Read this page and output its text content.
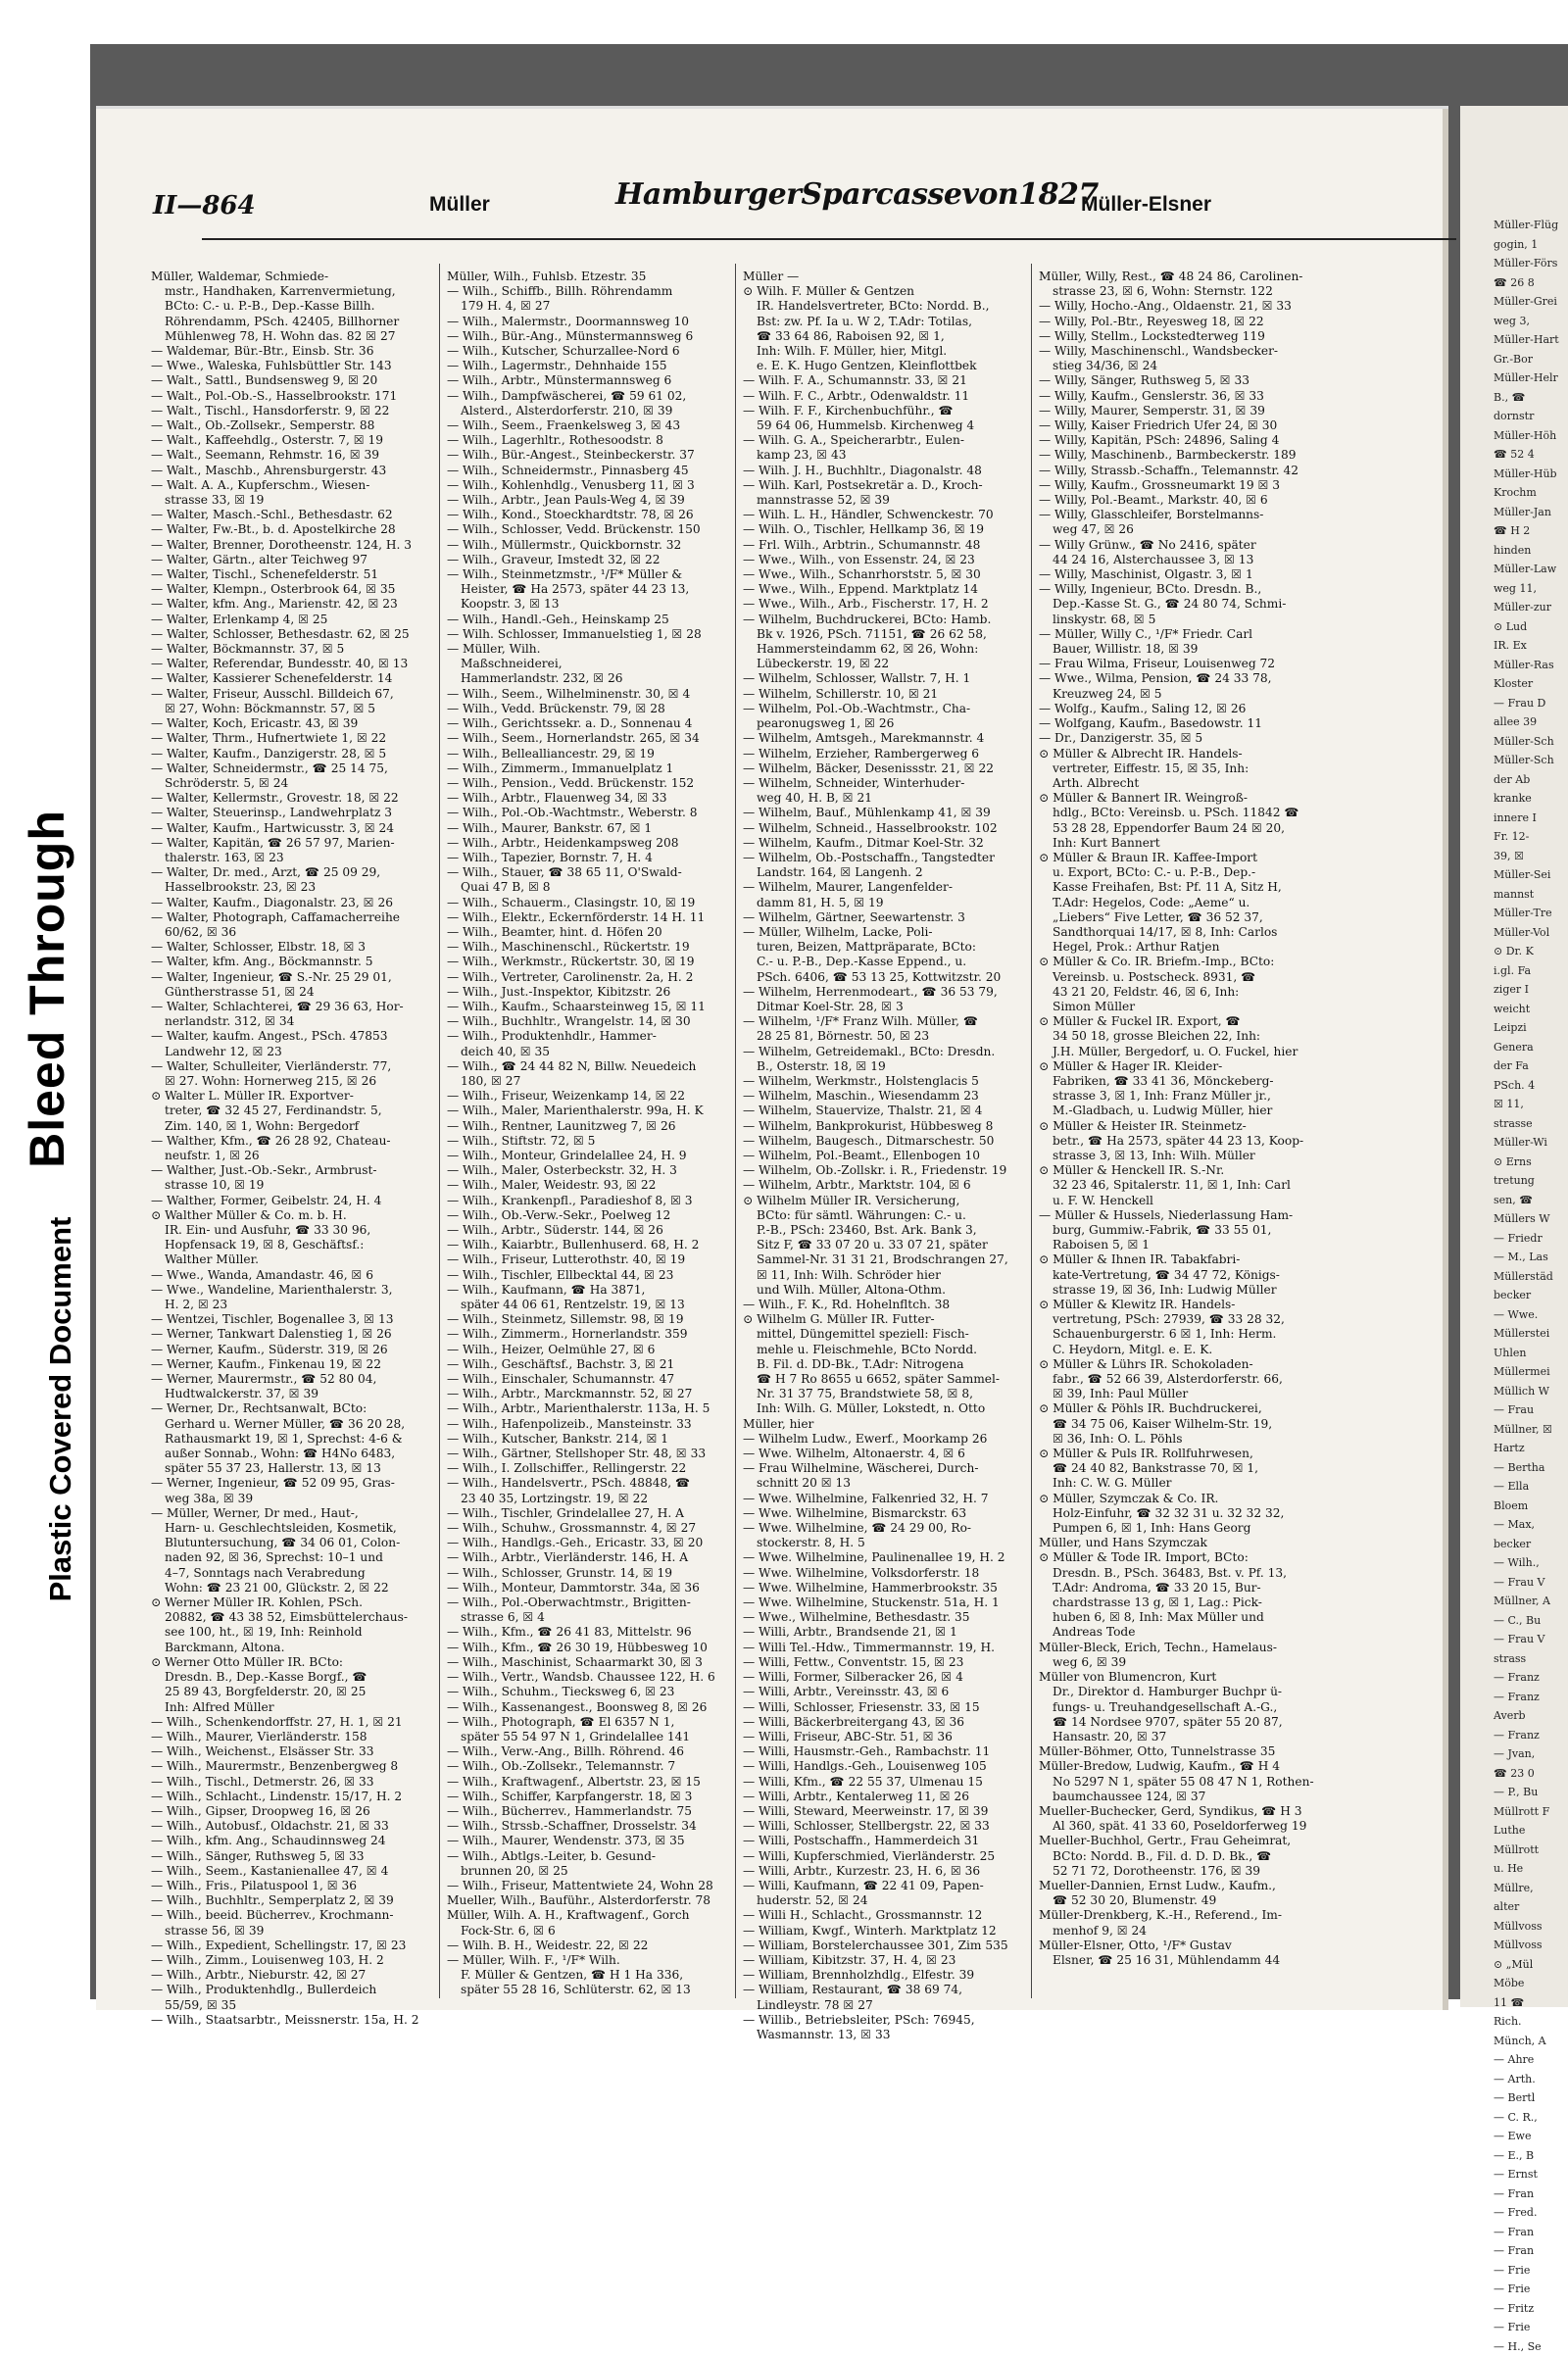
Bleed Through
Plastic Covered Document
II—864	Müller	HamburgerSparcassevon1827
Müller-Elsner
Müller, Waldemar, Schmiede-
mstr., Handhaken, Karrenvermietung,
BCto: C.- u. P.-B., Dep.-Kasse Billh.
Röhrendamm, PSch. 42405, Billhorner
Mühlenweg 78, H. Wohn das. 82 ☒ 27
— Waldemar, Bür.-Btr., Einsb. Str. 36
— Wwe., Waleska, Fuhlsbüttler Str. 143
— Walt., Sattl., Bundsensweg 9, ☒ 20
— Walt., Pol.-Ob.-S., Hasselbrookstr. 171
— Walt., Tischl., Hansdorferstr. 9, ☒ 22
— Walt., Ob.-Zollsekr., Semperstr. 88
— Walt., Kaffeehdlg., Osterstr. 7, ☒ 19
— Walt., Seemann, Rehmstr. 16, ☒ 39
— Walt., Maschb., Ahrensburgerstr. 43
— Walt. A. A., Kupferschm., Wiesen-
strasse 33, ☒ 19
— Walter, Masch.-Schl., Bethesdastr. 62
— Walter, Fw.-Bt., b. d. Apostelkirche 28
— Walter, Brenner, Dorotheenstr. 124, H. 3
— Walter, Gärtn., alter Teichweg 97
— Walter, Tischl., Schenefelderstr. 51
— Walter, Klempn., Osterbrook 64, ☒ 35
— Walter, kfm. Ang., Marienstr. 42, ☒ 23
— Walter, Erlenkamp 4, ☒ 25
— Walter, Schlosser, Bethesdastr. 62, ☒ 25
— Walter, Böckmannstr. 37, ☒ 5
— Walter, Referendar, Bundesstr. 40, ☒ 13
— Walter, Kassierer Schenefelderstr. 14
— Walter, Friseur, Ausschl. Billdeich 67,
☒ 27, Wohn: Böckmannstr. 57, ☒ 5
— Walter, Koch, Ericastr. 43, ☒ 39
— Walter, Thrm., Hufnertwiete 1, ☒ 22
— Walter, Kaufm., Danzigerstr. 28, ☒ 5
— Walter, Schneidermstr., ☎ 25 14 75,
Schröderstr. 5, ☒ 24
— Walter, Kellermstr., Grovestr. 18, ☒ 22
— Walter, Steuerinsp., Landwehrplatz 3
— Walter, Kaufm., Hartwicusstr. 3, ☒ 24
— Walter, Kapitän, ☎ 26 57 97, Marien-
thalerstr. 163, ☒ 23
— Walter, Dr. med., Arzt, ☎ 25 09 29,
Hasselbrookstr. 23, ☒ 23
— Walter, Kaufm., Diagonalstr. 23, ☒ 26
— Walter, Photograph, Caffamacherreihe
60/62, ☒ 36
— Walter, Schlosser, Elbstr. 18, ☒ 3
— Walter, kfm. Ang., Böckmannstr. 5
— Walter, Ingenieur, ☎ S.-Nr. 25 29 01,
Güntherstrasse 51, ☒ 24
— Walter, Schlachterei, ☎ 29 36 63, Hor-
nerlandstr. 312, ☒ 34
— Walter, kaufm. Angest., PSch. 47853
Landwehr 12, ☒ 23
— Walter, Schulleiter, Vierländerstr. 77,
☒ 27. Wohn: Hornerweg 215, ☒ 26
⊙ Walter L. Müller IR. Exportver-
treter, ☎ 32 45 27, Ferdinandstr. 5,
Zim. 140, ☒ 1, Wohn: Bergedorf
— Walther, Kfm., ☎ 26 28 92, Chateau-
neufstr. 1, ☒ 26
— Walther, Just.-Ob.-Sekr., Armbrust-
strasse 10, ☒ 19
— Walther, Former, Geibelstr. 24, H. 4
⊙ Walther Müller & Co. m. b. H.
IR. Ein- und Ausfuhr, ☎ 33 30 96,
Hopfensack 19, ☒ 8, Geschäftsf.:
Walther Müller.
— Wwe., Wanda, Amandastr. 46, ☒ 6
— Wwe., Wandeline, Marienthalerstr. 3,
H. 2, ☒ 23
— Wentzei, Tischler, Bogenallee 3, ☒ 13
— Werner, Tankwart Dalenstieg 1, ☒ 26
— Werner, Kaufm., Süderstr. 319, ☒ 26
— Werner, Kaufm., Finkenau 19, ☒ 22
— Werner, Maurermstr., ☎ 52 80 04,
Hudtwalckerstr. 37, ☒ 39
— Werner, Dr., Rechtsanwalt, BCto:
Gerhard u. Werner Müller, ☎ 36 20 28,
Rathausmarkt 19, ☒ 1, Sprechst: 4-6 &
außer Sonnab., Wohn: ☎ H4No 6483,
später 55 37 23, Hallerstr. 13, ☒ 13
— Werner, Ingenieur, ☎ 52 09 95, Gras-
weg 38a, ☒ 39
— Müller, Werner, Dr med., Haut-,
Harn- u. Geschlechtsleiden, Kosmetik,
Blutuntersuchung, ☎ 34 06 01, Colon-
naden 92, ☒ 36, Sprechst: 10–1 und
4–7, Sonntags nach Verabredung
Wohn: ☎ 23 21 00, Glückstr. 2, ☒ 22
⊙ Werner Müller IR. Kohlen, PSch.
20882, ☎ 43 38 52, Eimsbüttelerchaus-
see 100, ht., ☒ 19, Inh: Reinhold
Barckmann, Altona.
⊙ Werner Otto Müller IR. BCto:
Dresdn. B., Dep.-Kasse Borgf., ☎
25 89 43, Borgfelderstr. 20, ☒ 25
Inh: Alfred Müller
— Wilh., Schenkendorffstr. 27, H. 1, ☒ 21
— Wilh., Maurer, Vierländerstr. 158
— Wilh., Weichenst., Elsässer Str. 33
— Wilh., Maurermstr., Benzenbergweg 8
— Wilh., Tischl., Detmerstr. 26, ☒ 33
— Wilh., Schlacht., Lindenstr. 15/17, H. 2
— Wilh., Gipser, Droopweg 16, ☒ 26
— Wilh., Autobusf., Oldachstr. 21, ☒ 33
— Wilh., kfm. Ang., Schaudinnsweg 24
— Wilh., Sänger, Ruthsweg 5, ☒ 33
— Wilh., Seem., Kastanienallee 47, ☒ 4
— Wilh., Fris., Pilatuspool 1, ☒ 36
— Wilh., Buchhltr., Semperplatz 2, ☒ 39
— Wilh., beeid. Bücherrev., Krochmann-
strasse 56, ☒ 39
— Wilh., Expedient, Schellingstr. 17, ☒ 23
— Wilh., Zimm., Louisenweg 103, H. 2
— Wilh., Arbtr., Nieburstr. 42, ☒ 27
— Wilh., Produktenhdlg., Bullerdeich
55/59, ☒ 35
— Wilh., Staatsarbtr., Meissnerstr. 15a, H. 2
Müller, Wilh., Fuhlsb. Etzestr. 35
— Wilh., Schiffb., Billh. Röhrendamm
179 H. 4, ☒ 27
— Wilh., Malermstr., Doormannsweg 10
— Wilh., Bür.-Ang., Münstermannsweg 6
— Wilh., Kutscher, Schurzallee-Nord 6
— Wilh., Lagermstr., Dehnhaide 155
— Wilh., Arbtr., Münstermannsweg 6
— Wilh., Dampfwäscherei, ☎ 59 61 02,
Alsterd., Alsterdorferstr. 210, ☒ 39
— Wilh., Seem., Fraenkelsweg 3, ☒ 43
— Wilh., Lagerhltr., Rothesoodstr. 8
— Wilh., Bür.-Angest., Steinbeckerstr. 37
— Wilh., Schneidermstr., Pinnasberg 45
— Wilh., Kohlenhdlg., Venusberg 11, ☒ 3
— Wilh., Arbtr., Jean Pauls-Weg 4, ☒ 39
— Wilh., Kond., Stoeckhardtstr. 78, ☒ 26
— Wilh., Schlosser, Vedd. Brückenstr. 150
— Wilh., Müllermstr., Quickbornstr. 32
— Wilh., Graveur, Imstedt 32, ☒ 22
— Wilh., Steinmetzmstr., ¹/F* Müller &
Heister, ☎ Ha 2573, später 44 23 13,
Koopstr. 3, ☒ 13
— Wilh., Handl.-Geh., Heinskamp 25
— Wilh. Schlosser, Immanuelstieg 1, ☒ 28
— Müller, Wilh.
Maßschneiderei,
Hammerlandstr. 232, ☒ 26
— Wilh., Seem., Wilhelminenstr. 30, ☒ 4
— Wilh., Vedd. Brückenstr. 79, ☒ 28
— Wilh., Gerichtssekr. a. D., Sonnenau 4
— Wilh., Seem., Hornerlandstr. 265, ☒ 34
— Wilh., Bellealliancestr. 29, ☒ 19
— Wilh., Zimmerm., Immanuelplatz 1
— Wilh., Pension., Vedd. Brückenstr. 152
— Wilh., Arbtr., Flauenweg 34, ☒ 33
— Wilh., Pol.-Ob.-Wachtmstr., Weberstr. 8
— Wilh., Maurer, Bankstr. 67, ☒ 1
— Wilh., Arbtr., Heidenkampsweg 208
— Wilh., Tapezier, Bornstr. 7, H. 4
— Wilh., Stauer, ☎ 38 65 11, O'Swald-
Quai 47 B, ☒ 8
— Wilh., Schauerm., Clasingstr. 10, ☒ 19
— Wilh., Elektr., Eckernförderstr. 14 H. 11
— Wilh., Beamter, hint. d. Höfen 20
— Wilh., Maschinenschl., Rückertstr. 19
— Wilh., Werkmstr., Rückertstr. 30, ☒ 19
— Wilh., Vertreter, Carolinenstr. 2a, H. 2
— Wilh., Just.-Inspektor, Kibitzstr. 26
— Wilh., Kaufm., Schaarsteinweg 15, ☒ 11
— Wilh., Buchhltr., Wrangelstr. 14, ☒ 30
— Wilh., Produktenhdlr., Hammer-
deich 40, ☒ 35
— Wilh., ☎ 24 44 82 N, Billw. Neuedeich
180, ☒ 27
— Wilh., Friseur, Weizenkamp 14, ☒ 22
— Wilh., Maler, Marienthalerstr. 99a, H. K
— Wilh., Rentner, Launitzweg 7, ☒ 26
— Wilh., Stiftstr. 72, ☒ 5
— Wilh., Monteur, Grindelallee 24, H. 9
— Wilh., Maler, Osterbeckstr. 32, H. 3
— Wilh., Maler, Weidestr. 93, ☒ 22
— Wilh., Krankenpfl., Paradieshof 8, ☒ 3
— Wilh., Ob.-Verw.-Sekr., Poelweg 12
— Wilh., Arbtr., Süderstr. 144, ☒ 26
— Wilh., Kaiarbtr., Bullenhuserd. 68, H. 2
— Wilh., Friseur, Lutterothstr. 40, ☒ 19
— Wilh., Tischler, Ellbecktal 44, ☒ 23
— Wilh., Kaufmann, ☎ Ha 3871,
später 44 06 61, Rentzelstr. 19, ☒ 13
— Wilh., Steinmetz, Sillemstr. 98, ☒ 19
— Wilh., Zimmerm., Hornerlandstr. 359
— Wilh., Heizer, Oelmühle 27, ☒ 6
— Wilh., Geschäftsf., Bachstr. 3, ☒ 21
— Wilh., Einschaler, Schumannstr. 47
— Wilh., Arbtr., Marckmannstr. 52, ☒ 27
— Wilh., Arbtr., Marienthalerstr. 113a, H. 5
— Wilh., Hafenpolizeib., Mansteinstr. 33
— Wilh., Kutscher, Bankstr. 214, ☒ 1
— Wilh., Gärtner, Stellshoper Str. 48, ☒ 33
— Wilh., I. Zollschiffer., Rellingerstr. 22
— Wilh., Handelsvertr., PSch. 48848, ☎
23 40 35, Lortzingstr. 19, ☒ 22
— Wilh., Tischler, Grindelallee 27, H. A
— Wilh., Schuhw., Grossmannstr. 4, ☒ 27
— Wilh., Handlgs.-Geh., Ericastr. 33, ☒ 20
— Wilh., Arbtr., Vierländerstr. 146, H. A
— Wilh., Schlosser, Grunstr. 14, ☒ 19
— Wilh., Monteur, Dammtorstr. 34a, ☒ 36
— Wilh., Pol.-Oberwachtmstr., Brigitten-
strasse 6, ☒ 4
— Wilh., Kfm., ☎ 26 41 83, Mittelstr. 96
— Wilh., Kfm., ☎ 26 30 19, Hübbesweg 10
— Wilh., Maschinist, Schaarmarkt 30, ☒ 3
— Wilh., Vertr., Wandsb. Chaussee 122, H. 6
— Wilh., Schuhm., Tiecksweg 6, ☒ 23
— Wilh., Kassenangest., Boonsweg 8, ☒ 26
— Wilh., Photograph, ☎ El 6357 N 1,
später 55 54 97 N 1, Grindelallee 141
— Wilh., Verw.-Ang., Billh. Röhrend. 46
— Wilh., Ob.-Zollsekr., Telemannstr. 7
— Wilh., Kraftwagenf., Albertstr. 23, ☒ 15
— Wilh., Schiffer, Karpfangerstr. 18, ☒ 3
— Wilh., Bücherrev., Hammerlandstr. 75
— Wilh., Strssb.-Schaffner, Drosselstr. 34
— Wilh., Maurer, Wendenstr. 373, ☒ 35
— Wilh., Abtlgs.-Leiter, b. Gesund-
brunnen 20, ☒ 25
— Wilh., Friseur, Mattentwiete 24, Wohn 28
Mueller, Wilh., Bauführ., Alsterdorferstr. 78
Müller, Wilh. A. H., Kraftwagenf., Gorch
Fock-Str. 6, ☒ 6
— Wilh. B. H., Weidestr. 22, ☒ 22
— Müller, Wilh. F., ¹/F* Wilh.
F. Müller & Gentzen, ☎ H 1 Ha 336,
später 55 28 16, Schlüterstr. 62, ☒ 13
Müller —
⊙ Wilh. F. Müller & Gentzen
IR. Handelsvertreter, BCto: Nordd. B.,
Bst: zw. Pf. Ia u. W 2, T.Adr: Totilas,
☎ 33 64 86, Raboisen 92, ☒ 1,
Inh: Wilh. F. Müller, hier, Mitgl.
e. E. K. Hugo Gentzen, Kleinflottbek
— Wilh. F. A., Schumannstr. 33, ☒ 21
— Wilh. F. C., Arbtr., Odenwaldstr. 11
— Wilh. F. F., Kirchenbuchführ., ☎
59 64 06, Hummelsb. Kirchenweg 4
— Wilh. G. A., Speicherarbtr., Eulen-
kamp 23, ☒ 43
— Wilh. J. H., Buchhltr., Diagonalstr. 48
— Wilh. Karl, Postsekretär a. D., Kroch-
mannstrasse 52, ☒ 39
— Wilh. L. H., Händler, Schwenckestr. 70
— Wilh. O., Tischler, Hellkamp 36, ☒ 19
— Frl. Wilh., Arbtrin., Schumannstr. 48
— Wwe., Wilh., von Essenstr. 24, ☒ 23
— Wwe., Wilh., Schanrhorststr. 5, ☒ 30
— Wwe., Wilh., Eppend. Marktplatz 14
— Wwe., Wilh., Arb., Fischerstr. 17, H. 2
— Wilhelm, Buchdruckerei, BCto: Hamb.
Bk v. 1926, PSch. 71151, ☎ 26 62 58,
Hammersteindamm 62, ☒ 26, Wohn:
Lübeckerstr. 19, ☒ 22
— Wilhelm, Schlosser, Wallstr. 7, H. 1
— Wilhelm, Schillerstr. 10, ☒ 21
— Wilhelm, Pol.-Ob.-Wachtmstr., Cha-
pearonugsweg 1, ☒ 26
— Wilhelm, Amtsgeh., Marekmannstr. 4
— Wilhelm, Erzieher, Rambergerweg 6
— Wilhelm, Bäcker, Desenissstr. 21, ☒ 22
— Wilhelm, Schneider, Winterhuder-
weg 40, H. B, ☒ 21
— Wilhelm, Bauf., Mühlenkamp 41, ☒ 39
— Wilhelm, Schneid., Hasselbrookstr. 102
— Wilhelm, Kaufm., Ditmar Koel-Str. 32
— Wilhelm, Ob.-Postschaffn., Tangstedter
Landstr. 164, ☒ Langenh. 2
— Wilhelm, Maurer, Langenfelder-
damm 81, H. 5, ☒ 19
— Wilhelm, Gärtner, Seewartenstr. 3
— Müller, Wilhelm, Lacke, Poli-
turen, Beizen, Mattpräparate, BCto:
C.- u. P.-B., Dep.-Kasse Eppend., u.
PSch. 6406, ☎ 53 13 25, Kottwitzstr. 20
— Wilhelm, Herrenmodeart., ☎ 36 53 79,
Ditmar Koel-Str. 28, ☒ 3
— Wilhelm, ¹/F* Franz Wilh. Müller, ☎
28 25 81, Börnestr. 50, ☒ 23
— Wilhelm, Getreidemakl., BCto: Dresdn.
B., Osterstr. 18, ☒ 19
— Wilhelm, Werkmstr., Holstenglacis 5
— Wilhelm, Maschin., Wiesendamm 23
— Wilhelm, Stauervize, Thalstr. 21, ☒ 4
— Wilhelm, Bankprokurist, Hübbesweg 8
— Wilhelm, Baugesch., Ditmarschestr. 50
— Wilhelm, Pol.-Beamt., Ellenbogen 10
— Wilhelm, Ob.-Zollskr. i. R., Friedenstr. 19
— Wilhelm, Arbtr., Marktstr. 104, ☒ 6
⊙ Wilhelm Müller IR. Versicherung,
BCto: für sämtl. Währungen: C.- u.
P.-B., PSch: 23460, Bst. Ark. Bank 3,
Sitz F, ☎ 33 07 20 u. 33 07 21, später
Sammel-Nr. 31 31 21, Brodschrangen 27,
☒ 11, Inh: Wilh. Schröder hier
und Wilh. Müller, Altona-Othm.
— Wilh., F. K., Rd. Hohelnfltch. 38
⊙ Wilhelm G. Müller IR. Futter-
mittel, Düngemittel speziell: Fisch-
mehle u. Fleischmehle, BCto Nordd.
B. Fil. d. DD-Bk., T.Adr: Nitrogena
☎ H 7 Ro 8655 u 6652, später Sammel-
Nr. 31 37 75, Brandstwiete 58, ☒ 8,
Inh: Wilh. G. Müller, Lokstedt, n. Otto
Müller, hier
— Wilhelm Ludw., Ewerf., Moorkamp 26
— Wwe. Wilhelm, Altonaerstr. 4, ☒ 6
— Frau Wilhelmine, Wäscherei, Durch-
schnitt 20 ☒ 13
— Wwe. Wilhelmine, Falkenried 32, H. 7
— Wwe. Wilhelmine, Bismarckstr. 63
— Wwe. Wilhelmine, ☎ 24 29 00, Ro-
stockerstr. 8, H. 5
— Wwe. Wilhelmine, Paulinenallee 19, H. 2
— Wwe. Wilhelmine, Volksdorferstr. 18
— Wwe. Wilhelmine, Hammerbrookstr. 35
— Wwe. Wilhelmine, Stuckenstr. 51a, H. 1
— Wwe., Wilhelmine, Bethesdastr. 35
— Willi, Arbtr., Brandsende 21, ☒ 1
— Willi Tel.-Hdw., Timmermannstr. 19, H.
— Willi, Fettw., Conventstr. 15, ☒ 23
— Willi, Former, Silberacker 26, ☒ 4
— Willi, Arbtr., Vereinsstr. 43, ☒ 6
— Willi, Schlosser, Friesenstr. 33, ☒ 15
— Willi, Bäckerbreitergang 43, ☒ 36
— Willi, Friseur, ABC-Str. 51, ☒ 36
— Willi, Hausmstr.-Geh., Rambachstr. 11
— Willi, Handlgs.-Geh., Louisenweg 105
— Willi, Kfm., ☎ 22 55 37, Ulmenau 15
— Willi, Arbtr., Kentalerweg 11, ☒ 26
— Willi, Steward, Meerweinstr. 17, ☒ 39
— Willi, Schlosser, Stellbergstr. 22, ☒ 33
— Willi, Postschaffn., Hammerdeich 31
— Willi, Kupferschmied, Vierländerstr. 25
— Willi, Arbtr., Kurzestr. 23, H. 6, ☒ 36
— Willi, Kaufmann, ☎ 22 41 09, Papen-
huderstr. 52, ☒ 24
— Willi H., Schlacht., Grossmannstr. 12
— William, Kwgf., Winterh. Marktplatz 12
— William, Borstelerchaussee 301, Zim 535
— William, Kibitzstr. 37, H. 4, ☒ 23
— William, Brennholzhdlg., Elfestr. 39
— William, Restaurant, ☎ 38 69 74,
Lindleystr. 78 ☒ 27
— Willib., Betriebsleiter, PSch: 76945,
Wasmannstr. 13, ☒ 33
Müller, Willy, Rest., ☎ 48 24 86, Carolinen-
strasse 23, ☒ 6, Wohn: Sternstr. 122
— Willy, Hocho.-Ang., Oldaenstr. 21, ☒ 33
— Willy, Pol.-Btr., Reyesweg 18, ☒ 22
— Willy, Stellm., Lockstedterweg 119
— Willy, Maschinenschl., Wandsbecker-
stieg 34/36, ☒ 24
— Willy, Sänger, Ruthsweg 5, ☒ 33
— Willy, Kaufm., Genslerstr. 36, ☒ 33
— Willy, Maurer, Semperstr. 31, ☒ 39
— Willy, Kaiser Friedrich Ufer 24, ☒ 30
— Willy, Kapitän, PSch: 24896, Saling 4
— Willy, Maschinenb., Barmbeckerstr. 189
— Willy, Strassb.-Schaffn., Telemannstr. 42
— Willy, Kaufm., Grossneumarkt 19 ☒ 3
— Willy, Pol.-Beamt., Markstr. 40, ☒ 6
— Willy, Glasschleifer, Borstelmanns-
weg 47, ☒ 26
— Willy Grünw., ☎ No 2416, später
44 24 16, Alsterchaussee 3, ☒ 13
— Willy, Maschinist, Olgastr. 3, ☒ 1
— Willy, Ingenieur, BCto. Dresdn. B.,
Dep.-Kasse St. G., ☎ 24 80 74, Schmi-
linskystr. 68, ☒ 5
— Müller, Willy C., ¹/F* Friedr. Carl
Bauer, Willistr. 18, ☒ 39
— Frau Wilma, Friseur, Louisenweg 72
— Wwe., Wilma, Pension, ☎ 24 33 78,
Kreuzweg 24, ☒ 5
— Wolfg., Kaufm., Saling 12, ☒ 26
— Wolfgang, Kaufm., Basedowstr. 11
— Dr., Danzigerstr. 35, ☒ 5
⊙ Müller & Albrecht IR. Handels-
vertreter, Eiffestr. 15, ☒ 35, Inh:
Arth. Albrecht
⊙ Müller & Bannert IR. Weingroß-
hdlg., BCto: Vereinsb. u. PSch. 11842 ☎
53 28 28, Eppendorfer Baum 24 ☒ 20,
Inh: Kurt Bannert
⊙ Müller & Braun IR. Kaffee-Import
u. Export, BCto: C.- u. P.-B., Dep.-
Kasse Freihafen, Bst: Pf. 11 A, Sitz H,
T.Adr: Hegelos, Code: „Aeme“ u.
„Liebers“ Five Letter, ☎ 36 52 37,
Sandthorquai 14/17, ☒ 8, Inh: Carlos
Hegel, Prok.: Arthur Ratjen
⊙ Müller & Co. IR. Briefm.-Imp., BCto:
Vereinsb. u. Postscheck. 8931, ☎
43 21 20, Feldstr. 46, ☒ 6, Inh:
Simon Müller
⊙ Müller & Fuckel IR. Export, ☎
34 50 18, grosse Bleichen 22, Inh:
J.H. Müller, Bergedorf, u. O. Fuckel, hier
⊙ Müller & Hager IR. Kleider-
Fabriken, ☎ 33 41 36, Mönckeberg-
strasse 3, ☒ 1, Inh: Franz Müller jr.,
M.-Gladbach, u. Ludwig Müller, hier
⊙ Müller & Heister IR. Steinmetz-
betr., ☎ Ha 2573, später 44 23 13, Koop-
strasse 3, ☒ 13, Inh: Wilh. Müller
⊙ Müller & Henckell IR. S.-Nr.
32 23 46, Spitalerstr. 11, ☒ 1, Inh: Carl
u. F. W. Henckell
— Müller & Hussels, Niederlassung Ham-
burg, Gummiw.-Fabrik, ☎ 33 55 01,
Raboisen 5, ☒ 1
⊙ Müller & Ihnen IR. Tabakfabri-
kate-Vertretung, ☎ 34 47 72, Königs-
strasse 19, ☒ 36, Inh: Ludwig Müller
⊙ Müller & Klewitz IR. Handels-
vertretung, PSch: 27939, ☎ 33 28 32,
Schauenburgerstr. 6 ☒ 1, Inh: Herm.
C. Heydorn, Mitgl. e. E. K.
⊙ Müller & Lührs IR. Schokoladen-
fabr., ☎ 52 66 39, Alsterdorferstr. 66,
☒ 39, Inh: Paul Müller
⊙ Müller & Pöhls IR. Buchdruckerei,
☎ 34 75 06, Kaiser Wilhelm-Str. 19,
☒ 36, Inh: O. L. Pöhls
⊙ Müller & Puls IR. Rollfuhrwesen,
☎ 24 40 82, Bankstrasse 70, ☒ 1,
Inh: C. W. G. Müller
⊙ Müller, Szymczak & Co. IR.
Holz-Einfuhr, ☎ 32 32 31 u. 32 32 32,
Pumpen 6, ☒ 1, Inh: Hans Georg
Müller, und Hans Szymczak
⊙ Müller & Tode IR. Import, BCto:
Dresdn. B., PSch. 36483, Bst. v. Pf. 13,
T.Adr: Androma, ☎ 33 20 15, Bur-
chardstrasse 13 g, ☒ 1, Lag.: Pick-
huben 6, ☒ 8, Inh: Max Müller und
Andreas Tode
Müller-Bleck, Erich, Techn., Hamelaus-
weg 6, ☒ 39
Müller von Blumencron, Kurt
Dr., Direktor d. Hamburger Buchpr ü-
fungs- u. Treuhandgesellschaft A.-G.,
☎ 14 Nordsee 9707, später 55 20 87,
Hansastr. 20, ☒ 37
Müller-Böhmer, Otto, Tunnelstrasse 35
Müller-Bredow, Ludwig, Kaufm., ☎ H 4
No 5297 N 1, später 55 08 47 N 1, Rothen-
baumchaussee 124, ☒ 37
Mueller-Buchecker, Gerd, Syndikus, ☎ H 3
Al 360, spät. 41 33 60, Poseldorferweg 19
Mueller-Buchhol, Gertr., Frau Geheimrat,
BCto: Nordd. B., Fil. d. D. D. Bk., ☎
52 71 72, Dorotheenstr. 176, ☒ 39
Mueller-Dannien, Ernst Ludw., Kaufm.,
☎ 52 30 20, Blumenstr. 49
Müller-Drenkberg, K.-H., Referend., Im-
menhof 9, ☒ 24
Müller-Elsner, Otto, ¹/F* Gustav
Elsner, ☎ 25 16 31, Mühlendamm 44
Müller-Flüg
gogin, 1
Müller-Förs
☎ 26 8
Müller-Grei
weg 3,
Müller-Hart
Gr.-Bor
Müller-Helr
B., ☎
dornstr
Müller-Höh
☎ 52 4
Müller-Hüb
Krochm
Müller-Jan
☎ H 2
hinden
Müller-Law
weg 11,
Müller-zur
⊙ Lud
IR. Ex
Müller-Ras
Kloster
— Frau D
allee 39
Müller-Sch
Müller-Sch
der Ab
kranke
innere I
Fr. 12-
39, ☒
Müller-Sei
mannst
Müller-Tre
Müller-Vol
⊙ Dr. K
i.gl. Fa
ziger I
weicht
Leipzi
Genera
der Fa
PSch. 4
☒ 11,
strasse
Müller-Wi
⊙ Erns
tretung
sen, ☎
Müllers W
— Friedr
— M., Las
Müllerstäd
becker
— Wwe.
Müllerstei
Uhlen
Müllermei
Müllich W
— Frau
Müllner, ☒
Hartz
— Bertha
— Ella
Bloem
— Max,
becker
— Wilh.,
— Frau V
Müllner, A
— C., Bu
— Frau V
strass
— Franz
— Franz
Averb
— Franz
— Jvan,
☎ 23 0
— P., Bu
Müllrott F
Luthe
Müllrott
u. He
Müllre,
alter
Müllvoss
Müllvoss
⊙ „Mül
Möbe
11 ☎
Rich.
Münch, A
— Ahre
— Arth.
— Bertl
— C. R.,
— Ewe
— E., B
— Ernst
— Fran
— Fred.
— Fran
— Fran
— Frie
— Frie
— Fritz
— Frie
— H., Se
